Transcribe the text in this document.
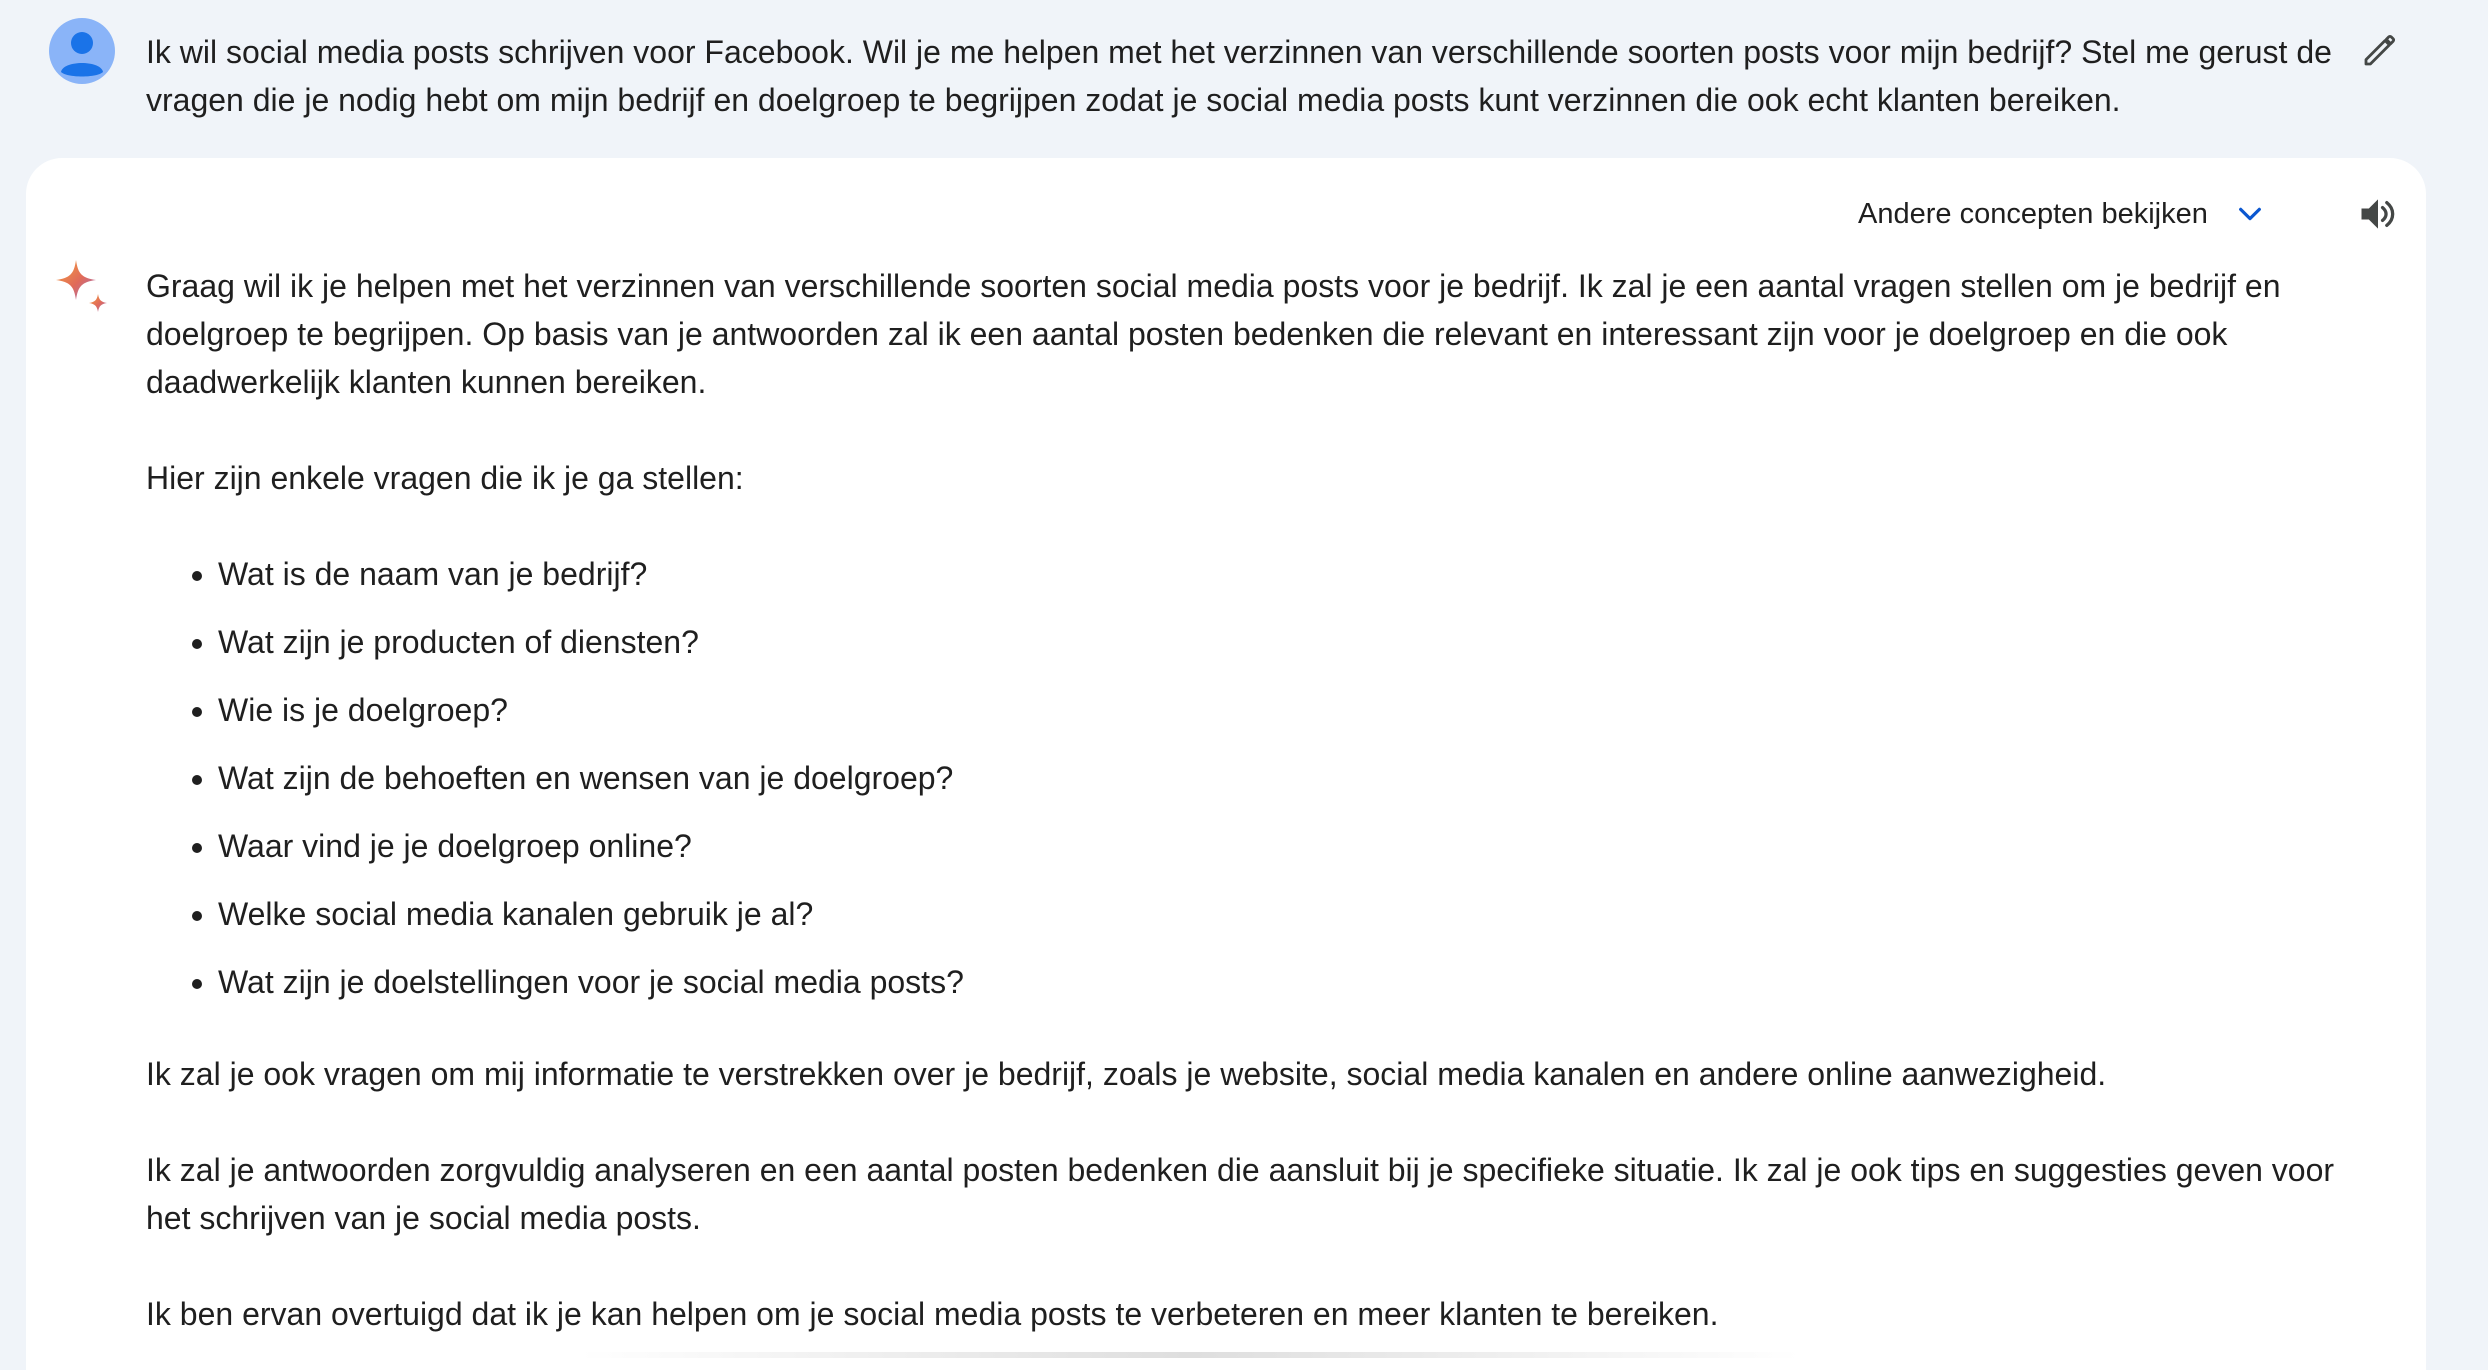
Ik wil social media posts schrijven voor Facebook. Wil je me helpen met het verzinnen van verschillende soorten posts voor mijn bedrijf? Stel me gerust de vragen die je nodig hebt om mijn bedrijf en doelgroep te begrijpen zodat je social media posts kunt verzinnen die ook echt klanten bereiken.

Andere concepten bekijken

Graag wil ik je helpen met het verzinnen van verschillende soorten social media posts voor je bedrijf. Ik zal je een aantal vragen stellen om je bedrijf en doelgroep te begrijpen. Op basis van je antwoorden zal ik een aantal posten bedenken die relevant en interessant zijn voor je doelgroep en die ook daadwerkelijk klanten kunnen bereiken.

Hier zijn enkele vragen die ik je ga stellen:

• Wat is de naam van je bedrijf?
• Wat zijn je producten of diensten?
• Wie is je doelgroep?
• Wat zijn de behoeften en wensen van je doelgroep?
• Waar vind je je doelgroep online?
• Welke social media kanalen gebruik je al?
• Wat zijn je doelstellingen voor je social media posts?

Ik zal je ook vragen om mij informatie te verstrekken over je bedrijf, zoals je website, social media kanalen en andere online aanwezigheid.

Ik zal je antwoorden zorgvuldig analyseren en een aantal posten bedenken die aansluit bij je specifieke situatie. Ik zal je ook tips en suggesties geven voor het schrijven van je social media posts.

Ik ben ervan overtuigd dat ik je kan helpen om je social media posts te verbeteren en meer klanten te bereiken.
